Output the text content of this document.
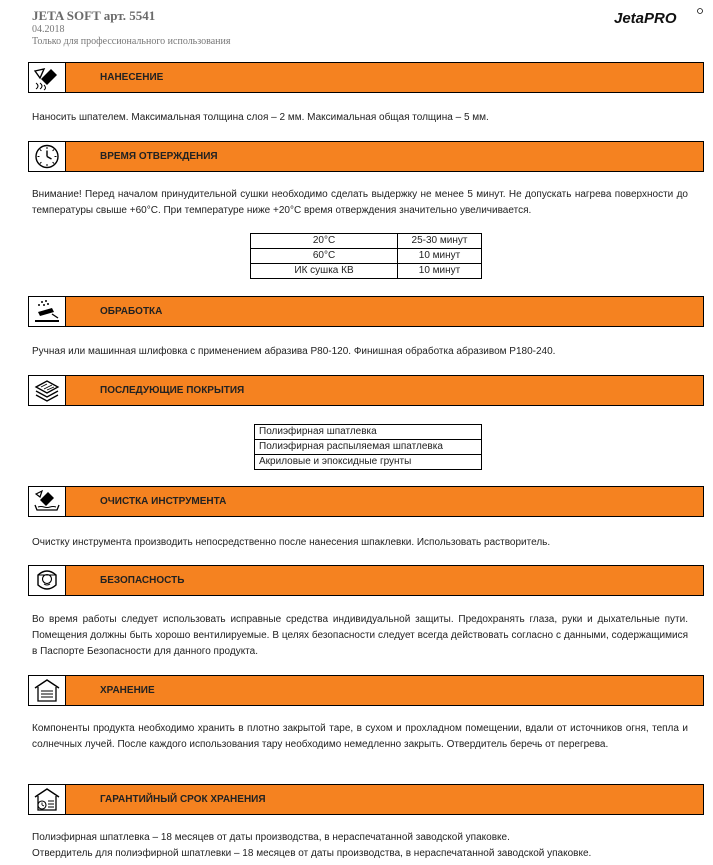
JETA SOFT арт. 5541
04.2018
Только для профессионального использования
JetaPRO
НАНЕСЕНИЕ
Наносить шпателем. Максимальная толщина слоя – 2 мм. Максимальная общая толщина – 5 мм.
ВРЕМЯ ОТВЕРЖДЕНИЯ
Внимание! Перед началом принудительной сушки необходимо сделать выдержку не менее 5 минут. Не допускать нагрева поверхности до температуры свыше +60°C. При температуре ниже +20°C время отверждения значительно увеличивается.
20°C	25-30 минут
60°C	10 минут
ИК сушка КВ	10 минут
ОБРАБОТКА
Ручная или машинная шлифовка с применением абразива P80-120. Финишная обработка абразивом P180-240.
ПОСЛЕДУЮЩИЕ ПОКРЫТИЯ
Полиэфирная шпатлевка
Полиэфирная распыляемая шпатлевка
Акриловые и эпоксидные грунты
ОЧИСТКА ИНСТРУМЕНТА
Очистку инструмента производить непосредственно после нанесения шпаклевки. Использовать растворитель.
БЕЗОПАСНОСТЬ
Во время работы следует использовать исправные средства индивидуальной защиты. Предохранять глаза, руки и дыхательные пути. Помещения должны быть хорошо вентилируемые. В целях безопасности следует всегда действовать согласно с данными, содержащимися в Паспорте Безопасности для данного продукта.
ХРАНЕНИЕ
Компоненты продукта необходимо хранить в плотно закрытой таре, в сухом и прохладном помещении, вдали от источников огня, тепла и солнечных лучей. После каждого использования тару необходимо немедленно закрыть. Отвердитель беречь от перегрева.
ГАРАНТИЙНЫЙ СРОК ХРАНЕНИЯ
Полиэфирная шпатлевка – 18 месяцев от даты производства, в нераспечатанной заводской упаковке.
Отвердитель для полиэфирной шпатлевки – 18 месяцев от даты производства, в нераспечатанной заводской упаковке.
